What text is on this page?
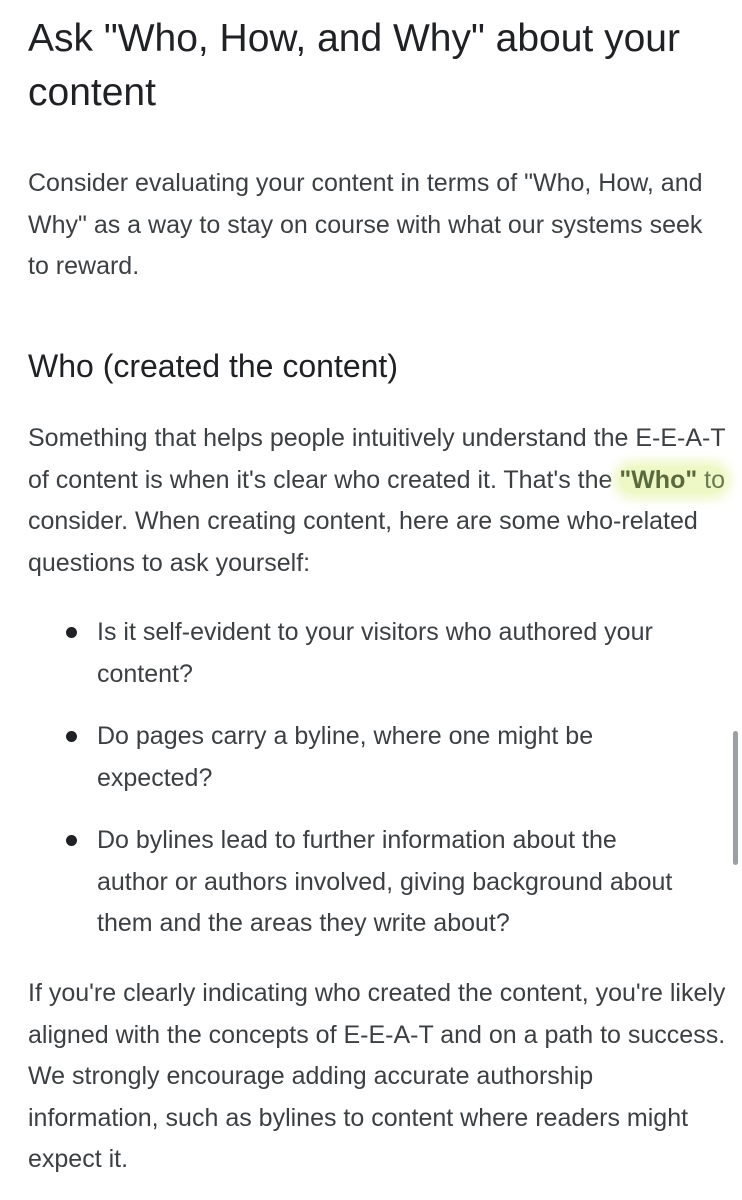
Ask "Who, How, and Why" about your content

Consider evaluating your content in terms of "Who, How, and Why" as a way to stay on course with what our systems seek to reward.

Who (created the content)

Something that helps people intuitively understand the E-E-A-T of content is when it's clear who created it. That's the "Who" to consider. When creating content, here are some who-related questions to ask yourself:

Is it self-evident to your visitors who authored your content?
Do pages carry a byline, where one might be expected?
Do bylines lead to further information about the author or authors involved, giving background about them and the areas they write about?

If you're clearly indicating who created the content, you're likely aligned with the concepts of E-E-A-T and on a path to success. We strongly encourage adding accurate authorship information, such as bylines to content where readers might expect it.
